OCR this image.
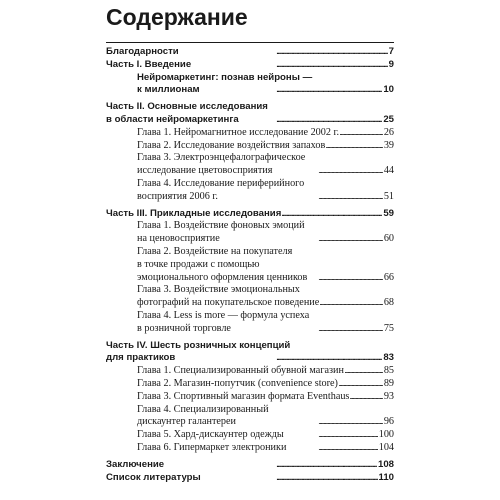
Содержание
. . .
Благодарности	7
. . .
Часть I. Введение	9
Нейромаркетинг: познав нейроны —
. . .
к миллионам	10
Часть II. Основные исследования
. . .
в области нейромаркетинга	25
. . .
Глава 1. Нейромагнитное исследование 2002 г.	26
. . .
Глава 2. Исследование воздействия запахов	39
Глава 3. Электроэнцефалографическое
. . .
исследование цветовосприятия	44
Глава 4. Исследование периферийного
. . .
восприятия 2006 г.	51
. . .
Часть III. Прикладные исследования	59
Глава 1. Воздействие фоновых эмоций
. . .
на ценовосприятие	60
Глава 2. Воздействие на покупателя
в точке продажи с помощью
. . .
эмоционального оформления ценников	66
Глава 3. Воздействие эмоциональных
. . .
фотографий на покупательское поведение	68
Глава 4. Less is more — формула успеха
. . .
в розничной торговле	75
Часть IV. Шесть розничных концепций
. . .
для практиков	83
. . .
Глава 1. Специализированный обувной магазин	85
. . .
Глава 2. Магазин-попутчик (convenience store)	89
. . .
Глава 3. Спортивный магазин формата Eventhaus	93
Глава 4. Специализированный
. . .
дискаунтер галантереи	96
. . .
Глава 5. Хард-дискаунтер одежды	100
. . .
Глава 6. Гипермаркет электроники	104
. . .
Заключение	108
. . .
Список литературы	110
